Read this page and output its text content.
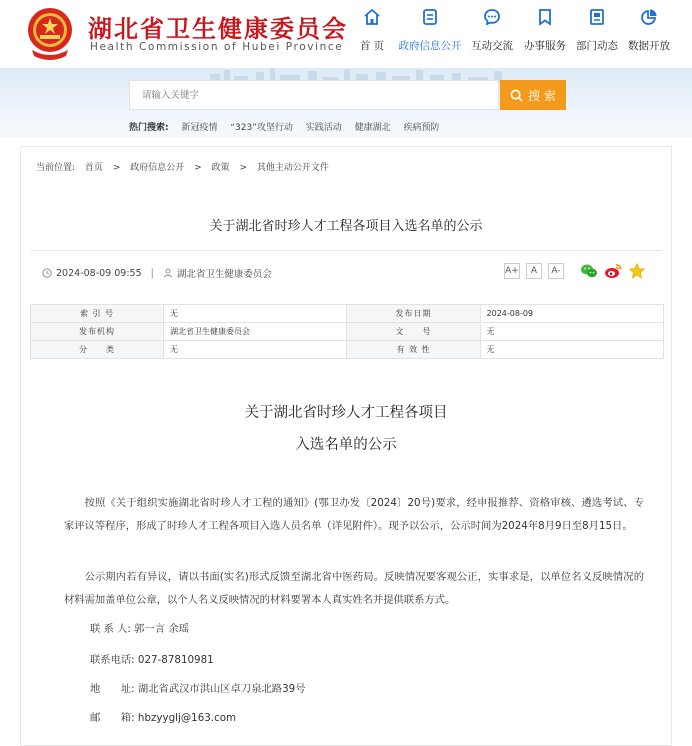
湖北省卫生健康委员会
Health Commission of Hubei Province 首 页 政府信息公开 互动交流 办事服务 部门动态 数据开放
请输入关键字
搜 索
热门搜索: 新冠疫情 “323”攻坚行动 实践活动 健康湖北 疾病预防
当前位置: 首页 > 政府信息公开 > 政策 > 其他主动公开文件
关于湖北省时珍人才工程各项目入选名单的公示
2024-08-09 09:55 | 湖北省卫生健康委员会	A+	A	A-
索 引 号	无	发布日期	2024-08-09
发布机构	湖北省卫生健康委员会	文　　号	无
分　　类	无	有 效 性	无
关于湖北省时珍人才工程各项目
入选名单的公示
按照《关于组织实施湖北省时珍人才工程的通知》(鄂卫办发〔2024〕20号)要求，经申报推荐、资格审核、遴选考试、专家评议等程序，形成了时珍人才工程各项目入选人员名单（详见附件）。现予以公示，公示时间为2024年8月9日至8月15日。
公示期内若有异议，请以书面(实名)形式反馈至湖北省中医药局。反映情况要客观公正，实事求是，以单位名义反映情况的材料需加盖单位公章，以个人名义反映情况的材料要署本人真实姓名并提供联系方式。
联 系 人: 郭一言 余瑶
联系电话: 027-87810981
地　　址: 湖北省武汉市洪山区卓刀泉北路39号
邮　　箱: hbzyyglj@163.com
